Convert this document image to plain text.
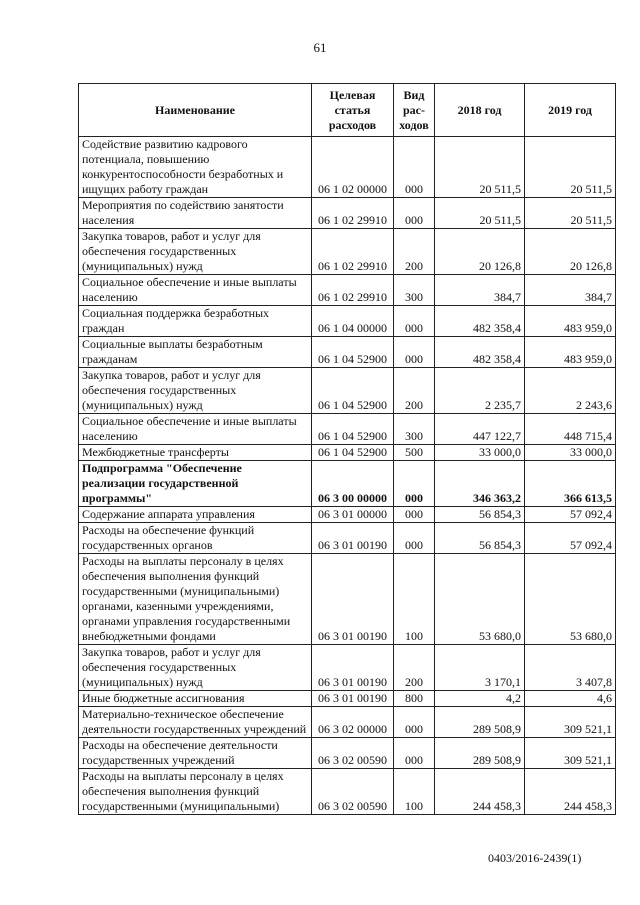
61
Наименование	Целевая статья расходов	Вид рас-ходов	2018 год	2019 год
Содействие развитию кадрового потенциала, повышению конкурентоспособности безработных и ищущих работу граждан	06 1 02 00000	000	20 511,5	20 511,5
Мероприятия по содействию занятости населения	06 1 02 29910	000	20 511,5	20 511,5
Закупка товаров, работ и услуг для обеспечения государственных (муниципальных) нужд	06 1 02 29910	200	20 126,8	20 126,8
Социальное обеспечение и иные выплаты населению	06 1 02 29910	300	384,7	384,7
Социальная поддержка безработных граждан	06 1 04 00000	000	482 358,4	483 959,0
Социальные выплаты безработным гражданам	06 1 04 52900	000	482 358,4	483 959,0
Закупка товаров, работ и услуг для обеспечения государственных (муниципальных) нужд	06 1 04 52900	200	2 235,7	2 243,6
Социальное обеспечение и иные выплаты населению	06 1 04 52900	300	447 122,7	448 715,4
Межбюджетные трансферты	06 1 04 52900	500	33 000,0	33 000,0
Подпрограмма "Обеспечение реализации государственной программы"	06 3 00 00000	000	346 363,2	366 613,5
Содержание аппарата управления	06 3 01 00000	000	56 854,3	57 092,4
Расходы на обеспечение функций государственных органов	06 3 01 00190	000	56 854,3	57 092,4
Расходы на выплаты персоналу в целях обеспечения выполнения функций государственными (муниципальными) органами, казенными учреждениями, органами управления государственными внебюджетными фондами	06 3 01 00190	100	53 680,0	53 680,0
Закупка товаров, работ и услуг для обеспечения государственных (муниципальных) нужд	06 3 01 00190	200	3 170,1	3 407,8
Иные бюджетные ассигнования	06 3 01 00190	800	4,2	4,6
Материально-техническое обеспечение деятельности государственных учреждений	06 3 02 00000	000	289 508,9	309 521,1
Расходы на обеспечение деятельности государственных учреждений	06 3 02 00590	000	289 508,9	309 521,1
Расходы на выплаты персоналу в целях обеспечения выполнения функций государственными (муниципальными)	06 3 02 00590	100	244 458,3	244 458,3
0403/2016-2439(1)
